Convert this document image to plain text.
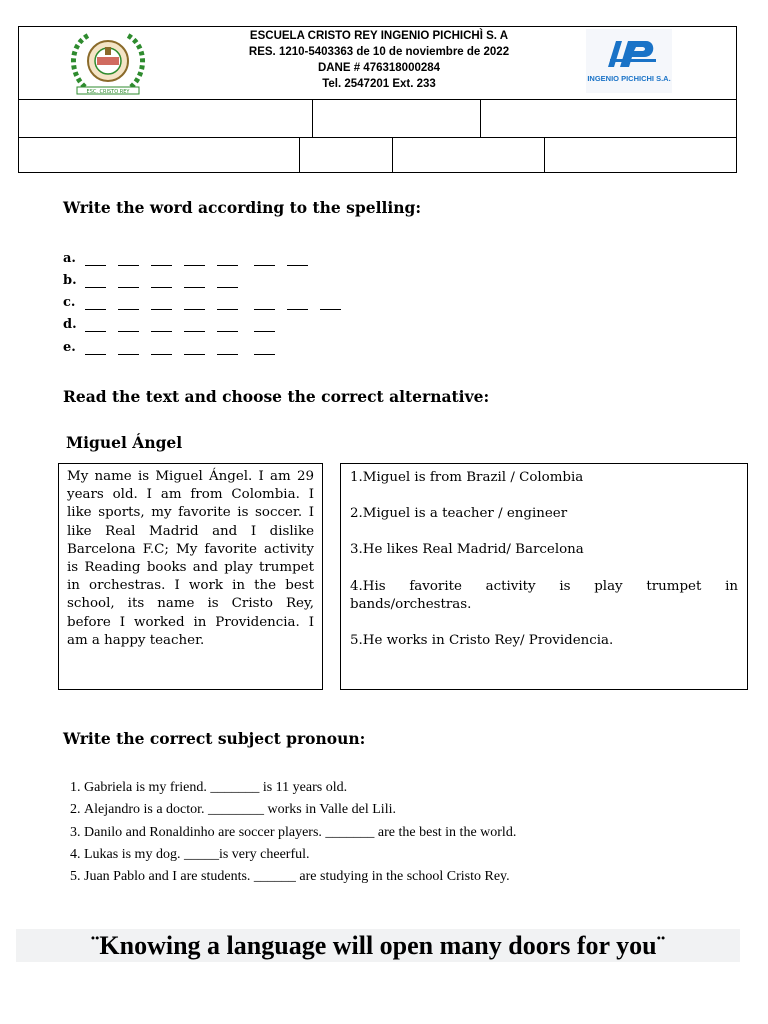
ESC. CRISTO REY
ESCUELA CRISTO REY INGENIO PICHICHÌ S. A
RES. 1210-5403363 de 10 de noviembre de 2022
DANE # 476318000284
Tel. 2547201 Ext. 233	INGENIO PICHICHI S.A.
Write the word according to the spelling:
a.
b.
c.
d.
e.
Read the text and choose the correct alternative:
Miguel Ángel
My name is Miguel Ángel. I am 29 years old. I am from Colombia. I like sports, my favorite is soccer. I like Real Madrid and I dislike Barcelona F.C; My favorite activity is Reading books and play trumpet in orchestras. I work in the best school, its name is Cristo Rey, before I worked in Providencia. I am a happy teacher.

1.Miguel is from Brazil / Colombia

2.Miguel is a teacher / engineer

3.He likes Real Madrid/ Barcelona

4.His favorite activity is play trumpet in bands/orchestras.

5.He works in Cristo Rey/ Providencia.

Write the correct subject pronoun:
1. Gabriela is my friend. _______ is 11 years old.
2. Alejandro is a doctor. ________ works in Valle del Lili.
3. Danilo and Ronaldinho are soccer players. _______ are the best in the world.
4. Lukas is my dog. _____is very cheerful.
5. Juan Pablo and I are students. ______ are studying in the school Cristo Rey.
¨Knowing a language will open many doors for you¨
